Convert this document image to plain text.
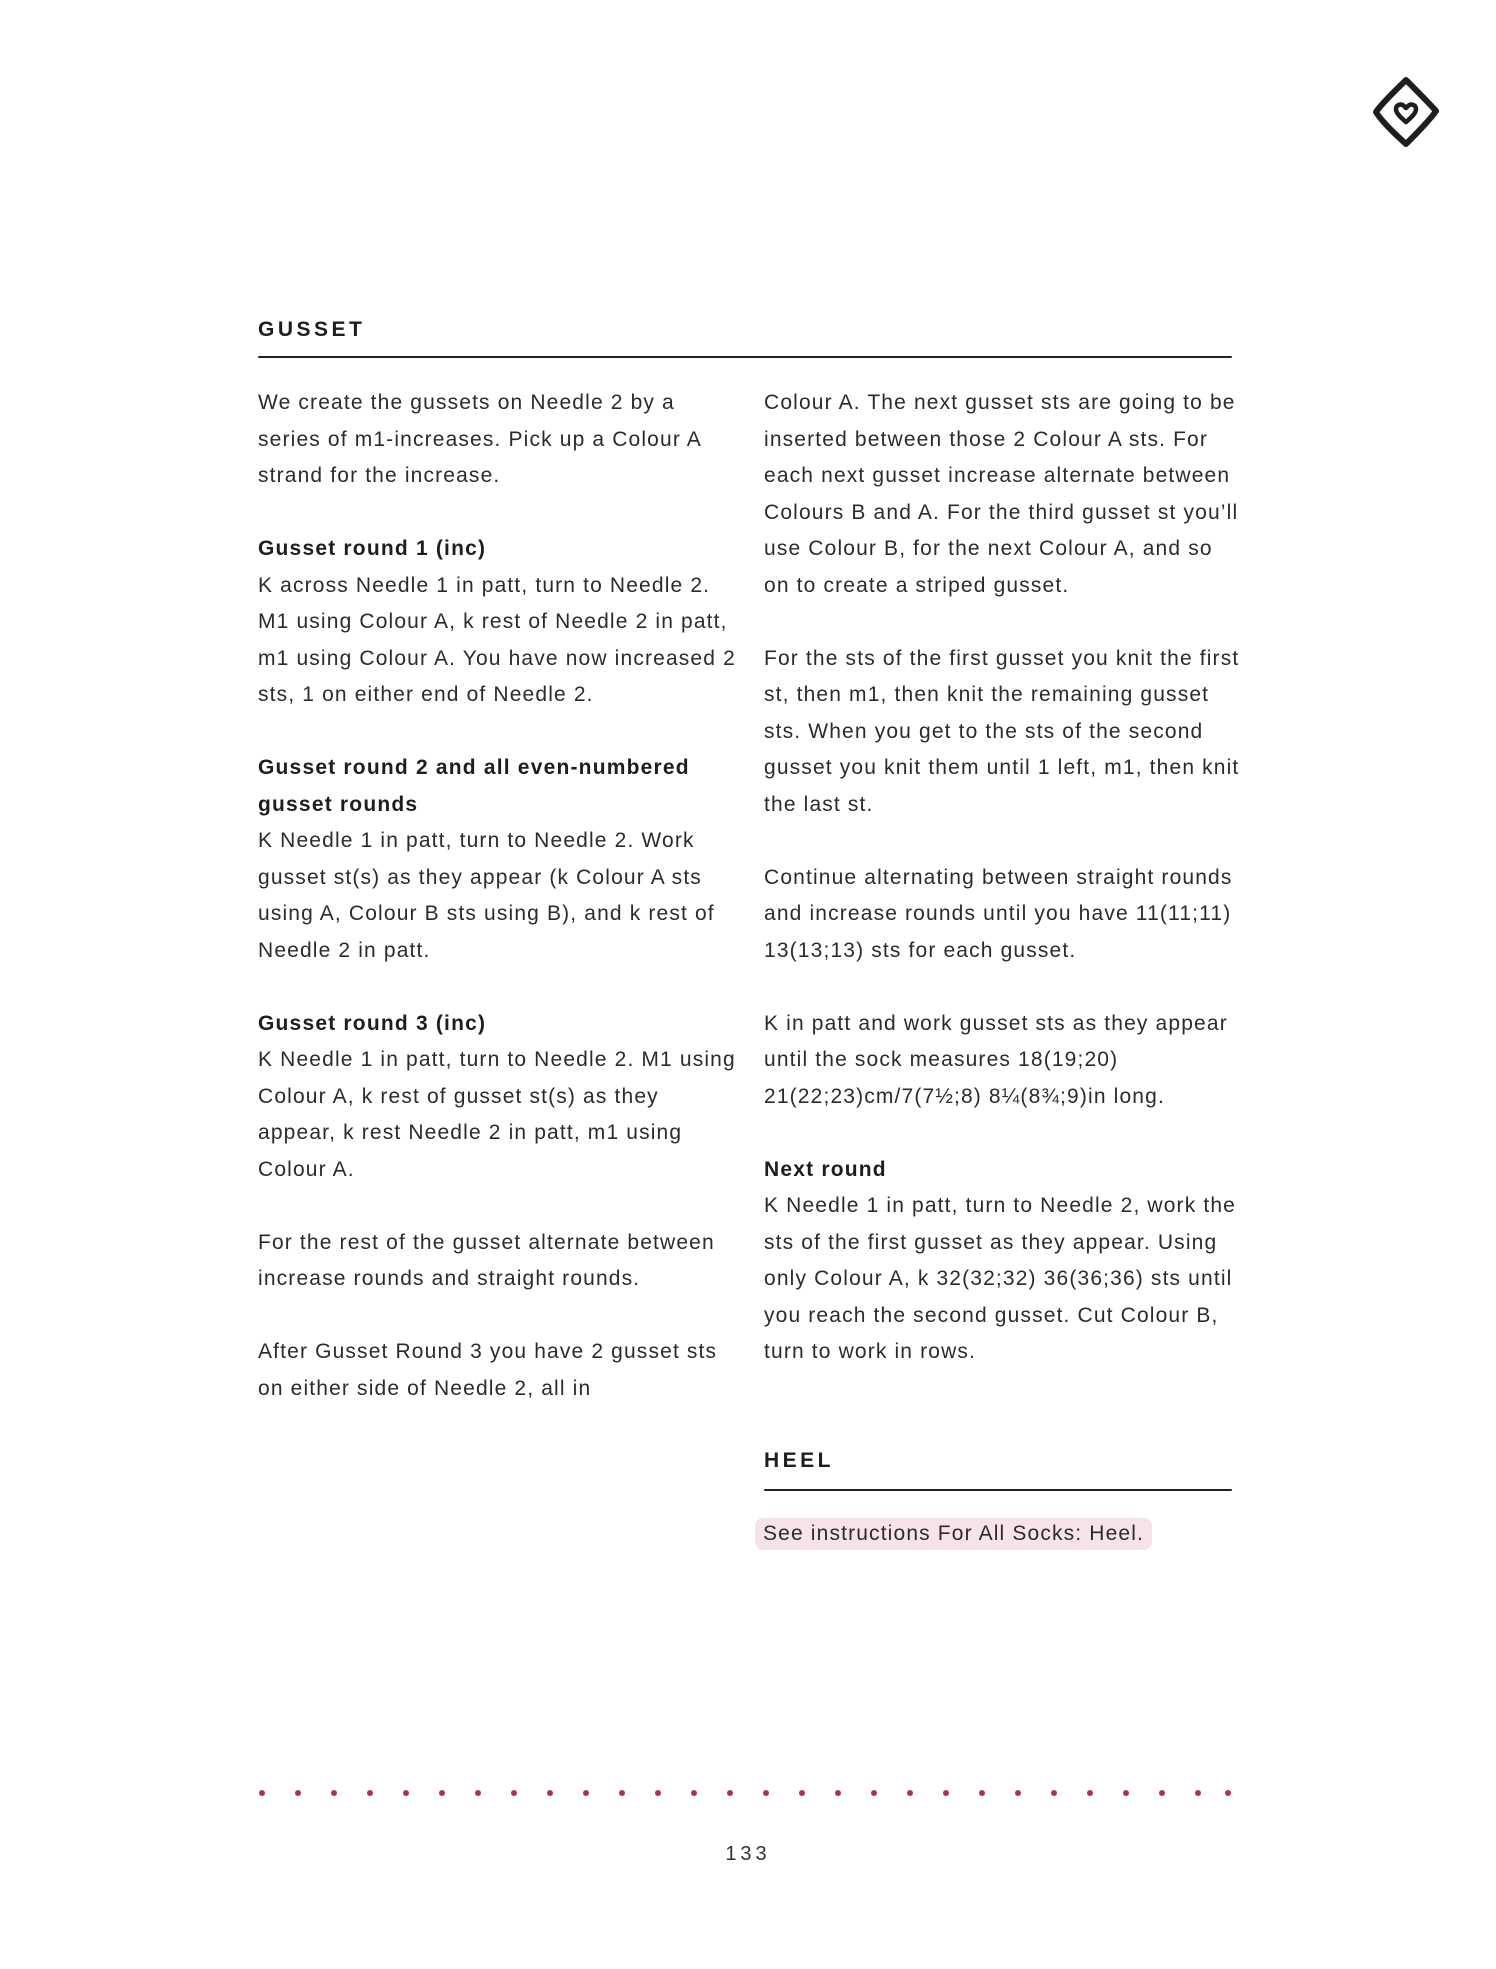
GUSSET

We create the gussets on Needle 2 by a series of m1-increases. Pick up a Colour A strand for the increase.

Gusset round 1 (inc)

K across Needle 1 in patt, turn to Needle 2. M1 using Colour A, k rest of Needle 2 in patt, m1 using Colour A. You have now increased 2 sts, 1 on either end of Needle 2.

Gusset round 2 and all even-numbered gusset rounds

K Needle 1 in patt, turn to Needle 2. Work gusset st(s) as they appear (k Colour A sts using A, Colour B sts using B), and k rest of Needle 2 in patt.

Gusset round 3 (inc)

K Needle 1 in patt, turn to Needle 2. M1 using Colour A, k rest of gusset st(s) as they appear, k rest Needle 2 in patt, m1 using Colour A.

For the rest of the gusset alternate between increase rounds and straight rounds.

After Gusset Round 3 you have 2 gusset sts on either side of Needle 2, all in

Colour A. The next gusset sts are going to be inserted between those 2 Colour A sts. For each next gusset increase alternate between Colours B and A. For the third gusset st you’ll use Colour B, for the next Colour A, and so on to create a striped gusset.

For the sts of the first gusset you knit the first st, then m1, then knit the remaining gusset sts. When you get to the sts of the second gusset you knit them until 1 left, m1, then knit the last st.

Continue alternating between straight rounds and increase rounds until you have 11(11;11) 13(13;13) sts for each gusset.

K in patt and work gusset sts as they appear until the sock measures 18(19;20) 21(22;23)cm/7(7½;8) 8¼(8¾;9)in long.

Next round

K Needle 1 in patt, turn to Needle 2, work the sts of the first gusset as they appear. Using only Colour A, k 32(32;32) 36(36;36) sts until you reach the second gusset. Cut Colour B, turn to work in rows.

HEEL
See instructions For All Socks: Heel.
133
